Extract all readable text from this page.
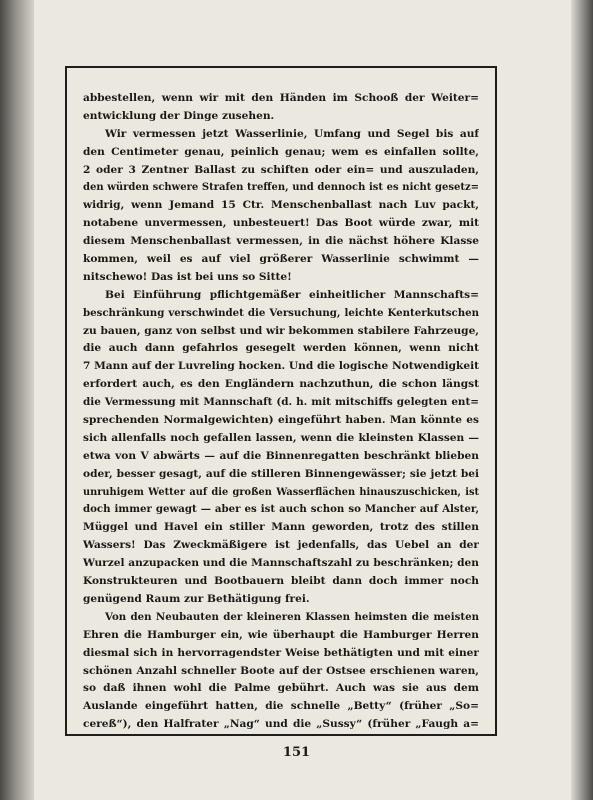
abbestellen, wenn wir mit den Händen im Schooß der Weiter=
entwicklung der Dinge zusehen.
Wir vermessen jetzt Wasserlinie, Umfang und Segel bis auf
den Centimeter genau, peinlich genau; wem es einfallen sollte,
2 oder 3 Zentner Ballast zu schiften oder ein= und auszuladen,
den würden schwere Strafen treffen, und dennoch ist es nicht gesetz=
widrig, wenn Jemand 15 Ctr. Menschenballast nach Luv packt,
notabene unvermessen, unbesteuert! Das Boot würde zwar, mit
diesem Menschenballast vermessen, in die nächst höhere Klasse
kommen, weil es auf viel größerer Wasserlinie schwimmt —
nitschewo! Das ist bei uns so Sitte!
Bei Einführung pflichtgemäßer einheitlicher Mannschafts=
beschränkung verschwindet die Versuchung, leichte Kenterkutschen
zu bauen, ganz von selbst und wir bekommen stabilere Fahrzeuge,
die auch dann gefahrlos gesegelt werden können, wenn nicht
7 Mann auf der Luvreling hocken. Und die logische Notwendigkeit
erfordert auch, es den Engländern nachzuthun, die schon längst
die Vermessung mit Mannschaft (d. h. mit mitschiffs gelegten ent=
sprechenden Normalgewichten) eingeführt haben. Man könnte es
sich allenfalls noch gefallen lassen, wenn die kleinsten Klassen —
etwa von V abwärts — auf die Binnenregatten beschränkt blieben
oder, besser gesagt, auf die stilleren Binnengewässer; sie jetzt bei
unruhigem Wetter auf die großen Wasserflächen hinauszuschicken, ist
doch immer gewagt — aber es ist auch schon so Mancher auf Alster,
Müggel und Havel ein stiller Mann geworden, trotz des stillen
Wassers! Das Zweckmäßigere ist jedenfalls, das Uebel an der
Wurzel anzupacken und die Mannschaftszahl zu beschränken; den
Konstrukteuren und Bootbauern bleibt dann doch immer noch
genügend Raum zur Bethätigung frei.
Von den Neubauten der kleineren Klassen heimsten die meisten
Ehren die Hamburger ein, wie überhaupt die Hamburger Herren
diesmal sich in hervorragendster Weise bethätigten und mit einer
schönen Anzahl schneller Boote auf der Ostsee erschienen waren,
so daß ihnen wohl die Palme gebührt. Auch was sie aus dem
Auslande eingeführt hatten, die schnelle „Betty“ (früher „So=
cereß“), den Halfrater „Nag“ und die „Sussy“ (früher „Faugh a=
151
